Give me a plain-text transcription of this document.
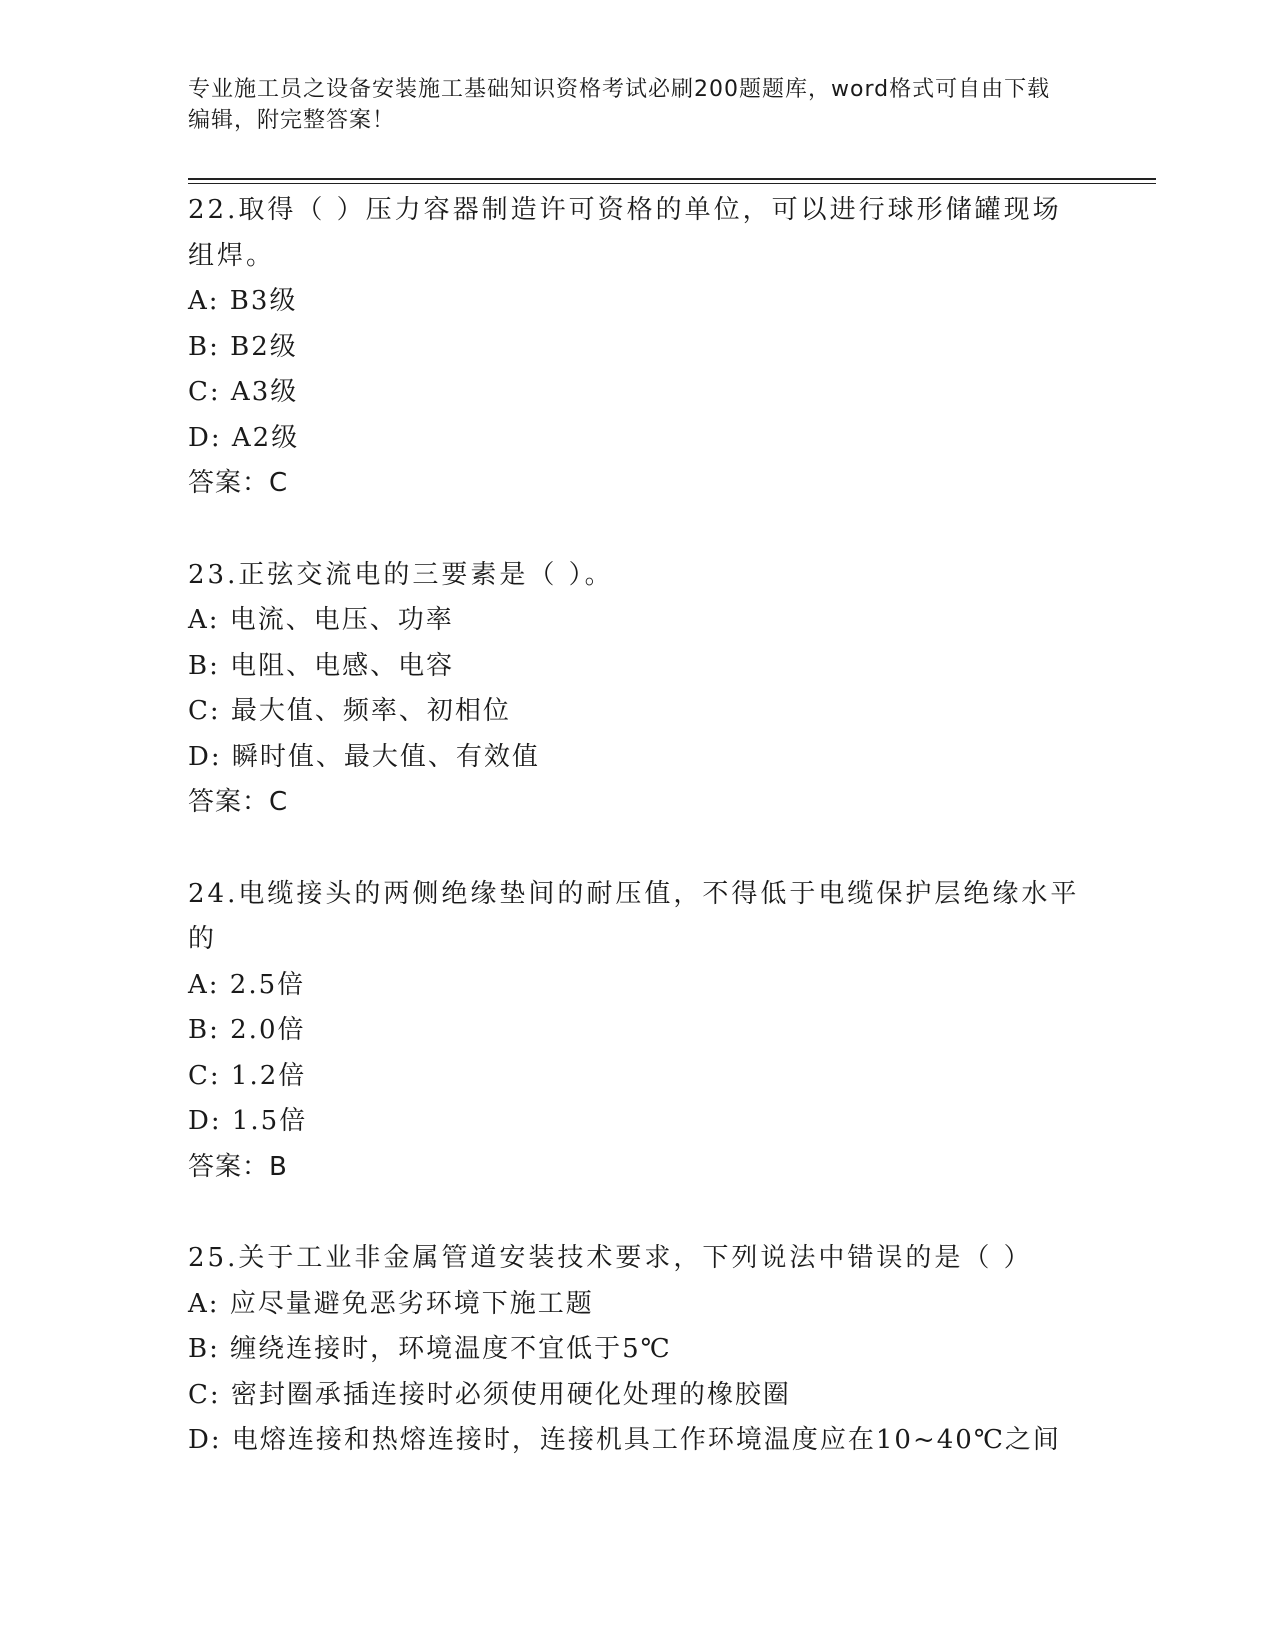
专业施工员之设备安装施工基础知识资格考试必刷200题题库，word格式可自由下载编辑，附完整答案！
22.取得（ ）压力容器制造许可资格的单位，可以进行球形储罐现场组焊。
A: B3级
B: B2级
C: A3级
D: A2级
答案：C
23.正弦交流电的三要素是（ ）。
A: 电流、电压、功率
B: 电阻、电感、电容
C: 最大值、频率、初相位
D: 瞬时值、最大值、有效值
答案：C
24.电缆接头的两侧绝缘垫间的耐压值，不得低于电缆保护层绝缘水平的
A: 2.5倍
B: 2.0倍
C: 1.2倍
D: 1.5倍
答案：B
25.关于工业非金属管道安装技术要求，下列说法中错误的是（ ）
A: 应尽量避免恶劣环境下施工题
B: 缠绕连接时，环境温度不宜低于5℃
C: 密封圈承插连接时必须使用硬化处理的橡胶圈
D: 电熔连接和热熔连接时，连接机具工作环境温度应在10~40℃之间
